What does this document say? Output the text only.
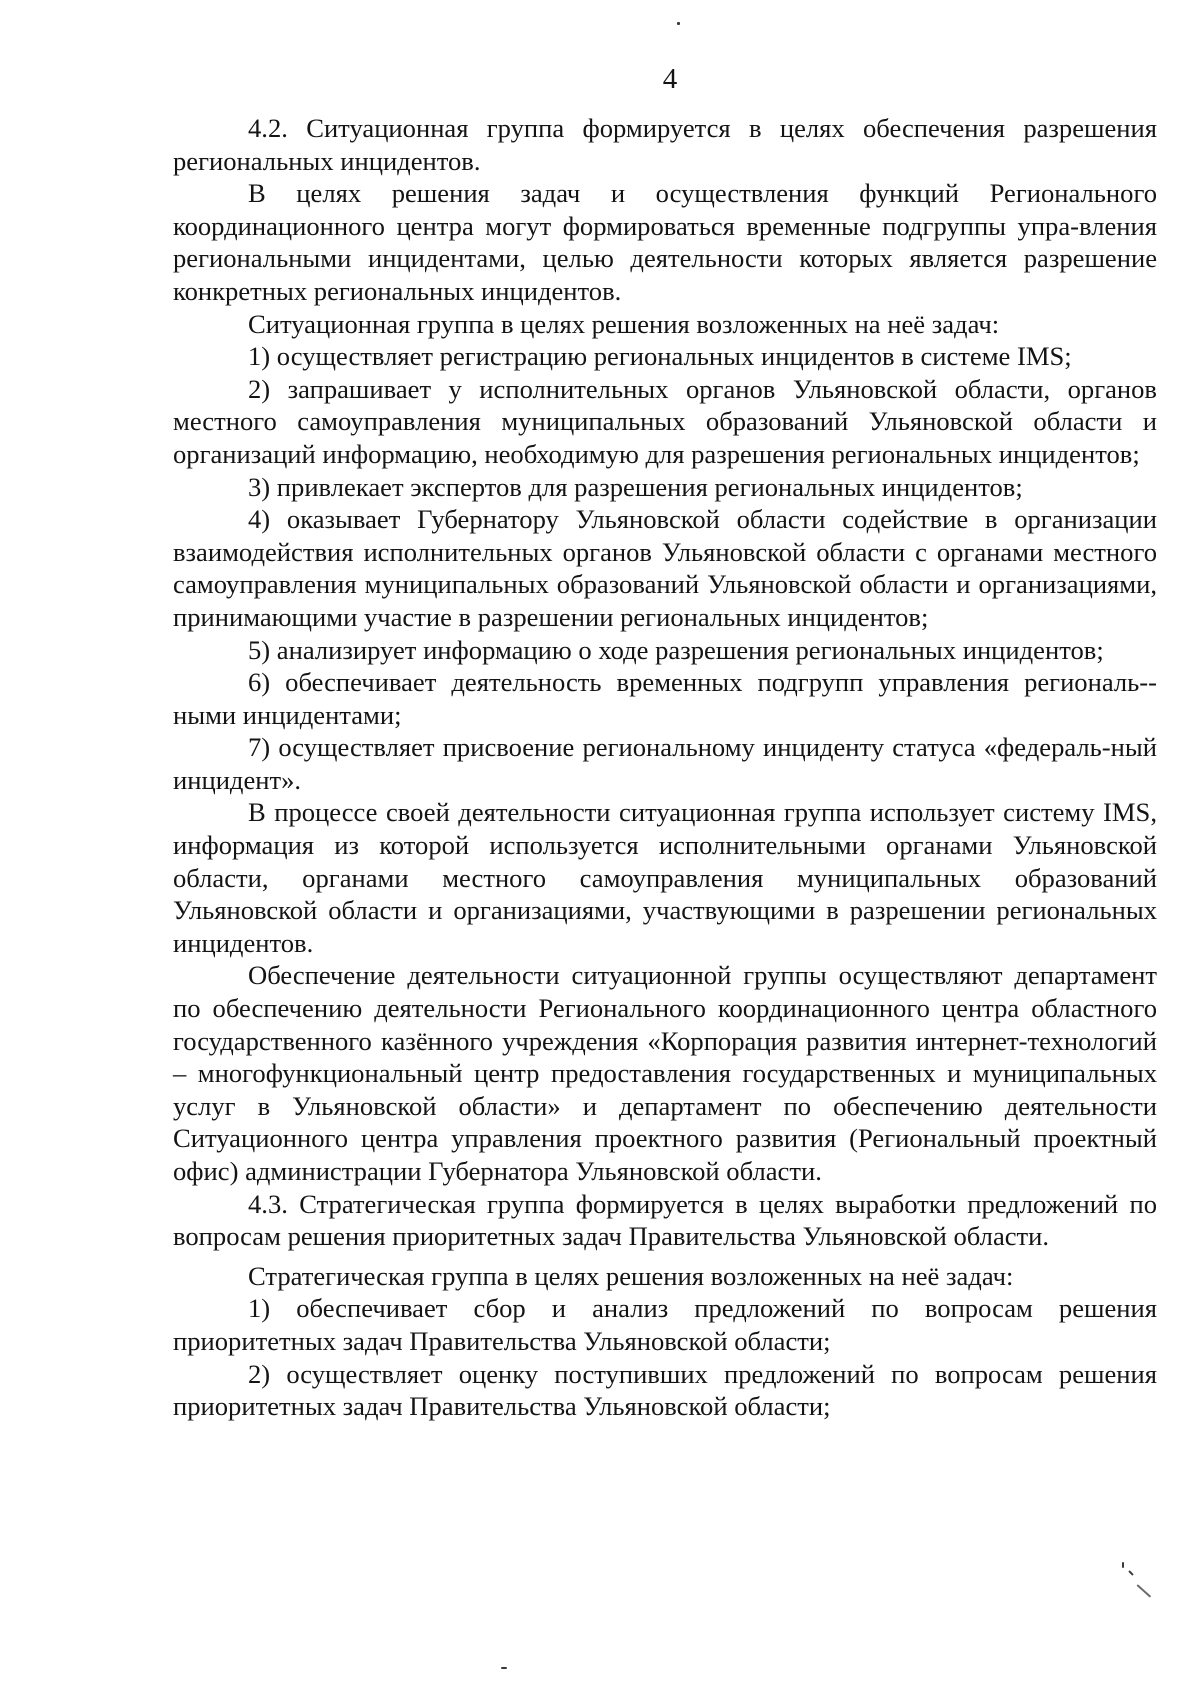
4

4.2. Ситуационная группа формируется в целях обеспечения разрешения региональных инцидентов.

В целях решения задач и осуществления функций Регионального координационного центра могут формироваться временные подгруппы упра-вления региональными инцидентами, целью деятельности которых является разрешение конкретных региональных инцидентов.

Ситуационная группа в целях решения возложенных на неё задач:

1) осуществляет регистрацию региональных инцидентов в системе IMS;

2) запрашивает у исполнительных органов Ульяновской области, органов местного самоуправления муниципальных образований Ульяновской области и организаций информацию, необходимую для разрешения региональных инцидентов;

3) привлекает экспертов для разрешения региональных инцидентов;

4) оказывает Губернатору Ульяновской области содействие в организации взаимодействия исполнительных органов Ульяновской области с органами местного самоуправления муниципальных образований Ульяновской области и организациями, принимающими участие в разрешении региональных инцидентов;

5) анализирует информацию о ходе разрешения региональных инцидентов;

6) обеспечивает деятельность временных подгрупп управления региональ-ными инцидентами;

7) осуществляет присвоение региональному инциденту статуса «федераль-ный инцидент».

В процессе своей деятельности ситуационная группа использует систему IMS, информация из которой используется исполнительными органами Ульяновской области, органами местного самоуправления муниципальных образований Ульяновской области и организациями, участвующими в разрешении региональных инцидентов.

Обеспечение деятельности ситуационной группы осуществляют департамент по обеспечению деятельности Регионального координационного центра областного государственного казённого учреждения «Корпорация развития интернет-технологий – многофункциональный центр предоставления государственных и муниципальных услуг в Ульяновской области» и департамент по обеспечению деятельности Ситуационного центра управления проектного развития (Региональный проектный офис) администрации Губернатора Ульяновской области.

4.3. Стратегическая группа формируется в целях выработки предложений по вопросам решения приоритетных задач Правительства Ульяновской области.

Стратегическая группа в целях решения возложенных на неё задач:

1) обеспечивает сбор и анализ предложений по вопросам решения приоритетных задач Правительства Ульяновской области;

2) осуществляет оценку поступивших предложений по вопросам решения приоритетных задач Правительства Ульяновской области;
